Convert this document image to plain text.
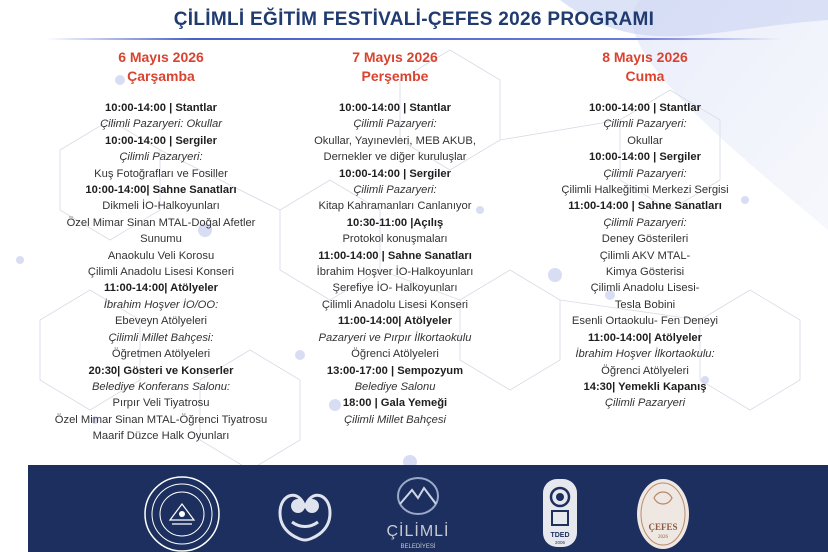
ÇİLİMLİ EĞİTİM FESTİVALİ-ÇEFES 2026 PROGRAMI
6 Mayıs 2026
Çarşamba
10:00-14:00 | Stantlar
Çilimli Pazaryeri: Okullar
10:00-14:00 | Sergiler
Çilimli Pazaryeri:
Kuş Fotoğrafları ve Fosiller
10:00-14:00| Sahne Sanatları
Dikmeli İO-Halkoyunları
Özel Mimar Sinan MTAL-Doğal Afetler
Sunumu
Anaokulu Veli Korosu
Çilimli Anadolu Lisesi Konseri
11:00-14:00| Atölyeler
İbrahim Hoşver İO/OO:
Ebeveyn Atölyeleri
Çilimli Millet Bahçesi:
Öğretmen Atölyeleri
20:30| Gösteri ve Konserler
Belediye Konferans Salonu:
Pırpır Veli Tiyatrosu
Özel Mimar Sinan MTAL-Öğrenci Tiyatrosu
Maarif Düzce Halk Oyunları
7 Mayıs 2026
Perşembe
10:00-14:00 | Stantlar
Çilimli Pazaryeri:
Okullar, Yayınevleri, MEB AKUB,
Dernekler ve diğer kuruluşlar
10:00-14:00 | Sergiler
Çilimli Pazaryeri:
Kitap Kahramanları Canlanıyor
10:30-11:00 |Açılış
Protokol konuşmaları
11:00-14:00 | Sahne Sanatları
İbrahim Hoşver İO-Halkoyunları
Şerefiye İO- Halkoyunları
Çilimli Anadolu Lisesi Konseri
11:00-14:00| Atölyeler
Pazaryeri ve Pırpır İlkortaokulu
Öğrenci Atölyeleri
13:00-17:00 | Sempozyum
Belediye Salonu
18:00 | Gala Yemeği
Çilimli Millet Bahçesi
8 Mayıs 2026
Cuma
10:00-14:00 | Stantlar
Çilimli Pazaryeri:
Okullar
10:00-14:00 | Sergiler
Çilimli Pazaryeri:
Çilimli Halkeğitimi Merkezi Sergisi
11:00-14:00 | Sahne Sanatları
Çilimli Pazaryeri:
Deney Gösterileri
Çilimli AKV MTAL-
Kimya Gösterisi
Çilimli Anadolu Lisesi-
Tesla Bobini
Esenli Ortaokulu- Fen Deneyi
11:00-14:00| Atölyeler
İbrahim Hoşver İlkortaokulu:
Öğrenci Atölyeleri
14:30| Yemekli Kapanış
Çilimli Pazaryeri
ÇİLİMLİ
BELEDİYESİ
TDED
2006
ÇEFES
2026
